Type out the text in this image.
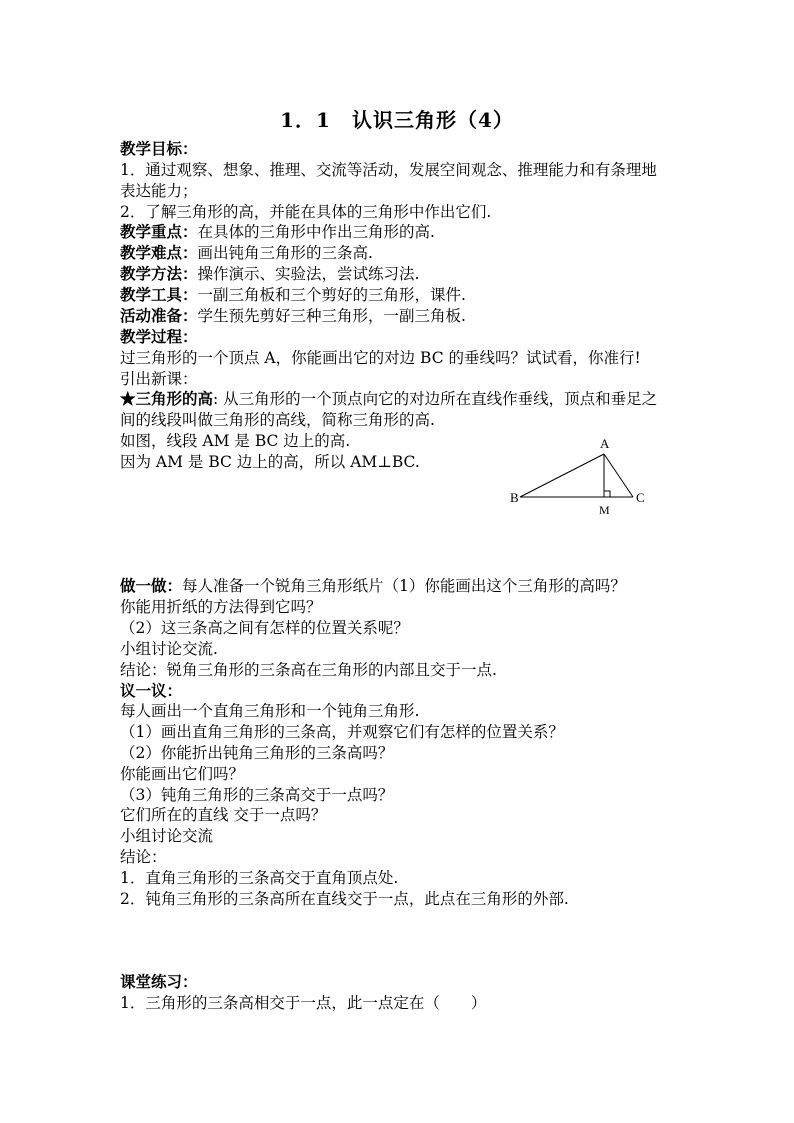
1．1　认识三角形（4）
教学目标：
1．通过观察、想象、推理、交流等活动，发展空间观念、推理能力和有条理地
表达能力；
2．了解三角形的高，并能在具体的三角形中作出它们.
教学重点：在具体的三角形中作出三角形的高.
教学难点：画出钝角三角形的三条高.
教学方法：操作演示、实验法，尝试练习法.
教学工具：一副三角板和三个剪好的三角形，课件.
活动准备：学生预先剪好三种三角形，一副三角板.
教学过程：
过三角形的一个顶点 A，你能画出它的对边 BC 的垂线吗？试试看，你准行!
引出新课：
★三角形的高: 从三角形的一个顶点向它的对边所在直线作垂线，顶点和垂足之
间的线段叫做三角形的高线，简称三角形的高.
如图，线段 AM 是 BC 边上的高.
因为 AM 是 BC 边上的高，所以 AM⊥BC.
A
B	C
M
做一做：每人准备一个锐角三角形纸片（1）你能画出这个三角形的高吗？
你能用折纸的方法得到它吗？
（2）这三条高之间有怎样的位置关系呢？
小组讨论交流.
结论：锐角三角形的三条高在三角形的内部且交于一点.
议一议：
每人画出一个直角三角形和一个钝角三角形.
（1）画出直角三角形的三条高，并观察它们有怎样的位置关系？
（2）你能折出钝角三角形的三条高吗？
你能画出它们吗？
（3）钝角三角形的三条高交于一点吗？
它们所在的直线 交于一点吗？
小组讨论交流
结论：
1．直角三角形的三条高交于直角顶点处.
2．钝角三角形的三条高所在直线交于一点，此点在三角形的外部.
课堂练习：
1．三角形的三条高相交于一点，此一点定在（　　）
